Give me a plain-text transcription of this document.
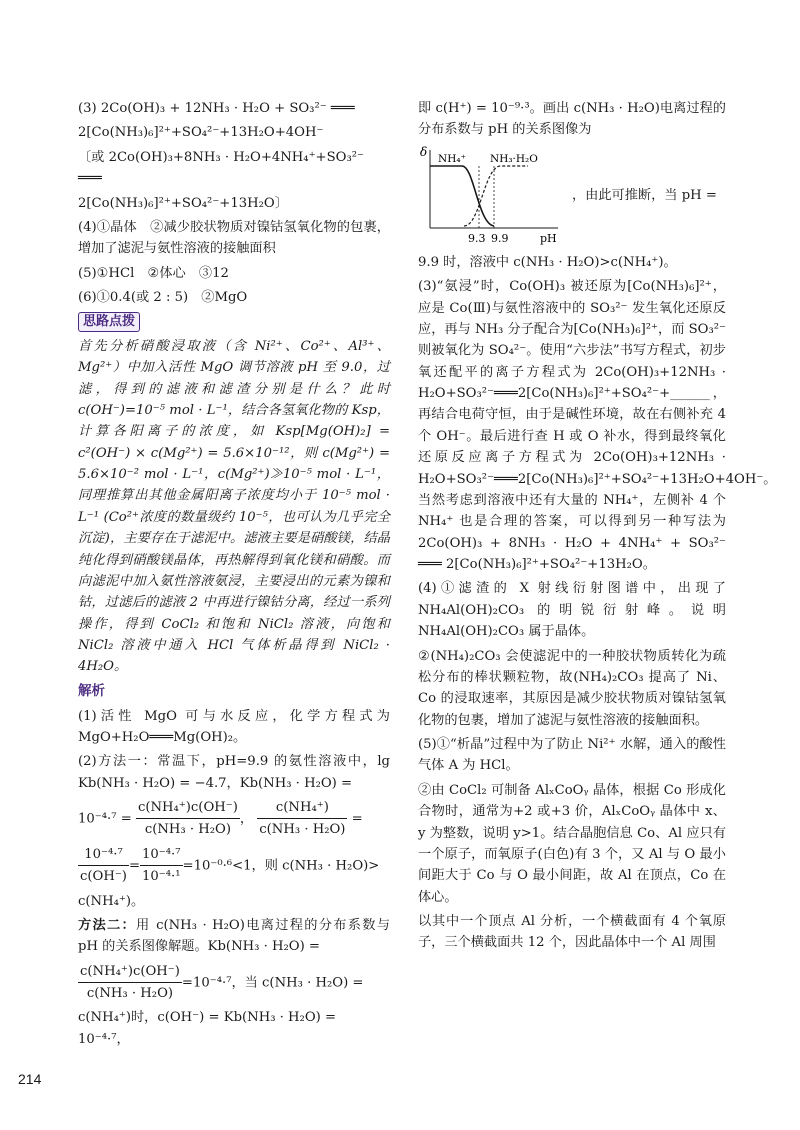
(3) 2Co(OH)₃ + 12NH₃ · H₂O + SO₃²⁻ ═══

2[Co(NH₃)₆]²⁺+SO₄²⁻+13H₂O+4OH⁻

〔或 2Co(OH)₃+8NH₃ · H₂O+4NH₄⁺+SO₃²⁻ ═══

2[Co(NH₃)₆]²⁺+SO₄²⁻+13H₂O〕

(4)①晶体　②减少胶状物质对镍钴氢氧化物的包裹，增加了滤泥与氨性溶液的接触面积

(5)①HCl　②体心　③12

(6)①0.4(或 2 : 5)　②MgO

思路点拨

首先分析硝酸浸取液（含 Ni²⁺、Co²⁺、Al³⁺、Mg²⁺）中加入活性 MgO 调节溶液 pH 至 9.0，过滤，得到的滤液和滤渣分别是什么？此时 c(OH⁻)=10⁻⁵ mol · L⁻¹，结合各氢氧化物的 Ksp，计算各阳离子的浓度，如 Ksp[Mg(OH)₂] = c²(OH⁻) × c(Mg²⁺) = 5.6×10⁻¹²，则 c(Mg²⁺) = 5.6×10⁻² mol · L⁻¹，c(Mg²⁺)≫10⁻⁵ mol · L⁻¹，同理推算出其他金属阳离子浓度均小于 10⁻⁵ mol · L⁻¹ (Co²⁺浓度的数量级约 10⁻⁵，也可认为几乎完全沉淀)，主要存在于滤泥中。滤液主要是硝酸镁，结晶纯化得到硝酸镁晶体，再热解得到氧化镁和硝酸。而向滤泥中加入氨性溶液氨浸，主要浸出的元素为镍和钴，过滤后的滤液 2 中再进行镍钴分离，经过一系列操作，得到 CoCl₂ 和饱和 NiCl₂ 溶液，向饱和 NiCl₂ 溶液中通入 HCl 气体析晶得到 NiCl₂ · 4H₂O。

解析

(1)活性 MgO 可与水反应，化学方程式为 MgO+H₂O═══Mg(OH)₂。

(2)方法一：常温下，pH=9.9 的氨性溶液中，lg Kb(NH₃ · H₂O) = −4.7，Kb(NH₃ · H₂O) =

$10^{-4}\cdot^7 = \frac{\text{c(NH₄⁺)c(OH⁻)}}{\text{c(NH₃ · H₂O)}}$ ， $\frac{\text{c(NH₄⁺)}}{\text{c(NH₃ · H₂O)}}$ =

$\frac{\text{10⁻⁴·⁷}}{c(OH^-)} = \frac{\text{10⁻⁴·⁷}}{\text{10⁻⁴·¹}} =10^{-0}\cdot^6<1$，则 c(NH₃ · H₂O)>

c(NH₄⁺)。

方法二：用 c(NH₃ · H₂O)电离过程的分布系数与 pH 的关系图像解题。Kb(NH₃ · H₂O) =

$\frac{\text{c(NH₄⁺)c(OH⁻)}}{\text{c(NH₃ · H₂O)}} =10^{-4}\cdot^7$，当 c(NH₃ · H₂O) =

c(NH₄⁺)时，c(OH⁻) = Kb(NH₃ · H₂O) = 10⁻⁴·⁷，

即 c(H⁺) = 10⁻⁹·³。画出 c(NH₃ · H₂O)电离过程的分布系数与 pH 的关系图像为

δ NH₄⁺ NH₃·H₂O
9.3 9.9	pH
，由此可推断，当 pH =

9.9 时，溶液中 c(NH₃ · H₂O)>c(NH₄⁺)。

(3)“氨浸”时，Co(OH)₃ 被还原为[Co(NH₃)₆]²⁺，应是 Co(Ⅲ)与氨性溶液中的 SO₃²⁻ 发生氧化还原反应，再与 NH₃ 分子配合为[Co(NH₃)₆]²⁺，而 SO₃²⁻ 则被氧化为 SO₄²⁻。使用“六步法”书写方程式，初步氧还配平的离子方程式为 2Co(OH)₃+12NH₃ · H₂O+SO₃²⁻═══2[Co(NH₃)₆]²⁺+SO₄²⁻+______，再结合电荷守恒，由于是碱性环境，故在右侧补充 4 个 OH⁻。最后进行查 H 或 O 补水，得到最终氧化还原反应离子方程式为 2Co(OH)₃+12NH₃ · H₂O+SO₃²⁻═══2[Co(NH₃)₆]²⁺+SO₄²⁻+13H₂O+4OH⁻。当然考虑到溶液中还有大量的 NH₄⁺，左侧补 4 个 NH₄⁺ 也是合理的答案，可以得到另一种写法为 2Co(OH)₃ + 8NH₃ · H₂O + 4NH₄⁺ + SO₃²⁻ ═══ 2[Co(NH₃)₆]²⁺+SO₄²⁻+13H₂O。

(4)①滤渣的 X 射线衍射图谱中，出现了 NH₄Al(OH)₂CO₃ 的明锐衍射峰。说明 NH₄Al(OH)₂CO₃ 属于晶体。

②(NH₄)₂CO₃ 会使滤泥中的一种胶状物质转化为疏松分布的棒状颗粒物，故(NH₄)₂CO₃ 提高了 Ni、Co 的浸取速率，其原因是减少胶状物质对镍钴氢氧化物的包裹，增加了滤泥与氨性溶液的接触面积。

(5)①“析晶”过程中为了防止 Ni²⁺ 水解，通入的酸性气体 A 为 HCl。

②由 CoCl₂ 可制备 AlₓCoOᵧ 晶体，根据 Co 形成化合物时，通常为+2 或+3 价，AlₓCoOᵧ 晶体中 x、y 为整数，说明 y>1。结合晶胞信息 Co、Al 应只有一个原子，而氧原子(白色)有 3 个，又 Al 与 O 最小间距大于 Co 与 O 最小间距，故 Al 在顶点，Co 在体心。

以其中一个顶点 Al 分析，一个横截面有 4 个氧原子，三个横截面共 12 个，因此晶体中一个 Al 周围

214
